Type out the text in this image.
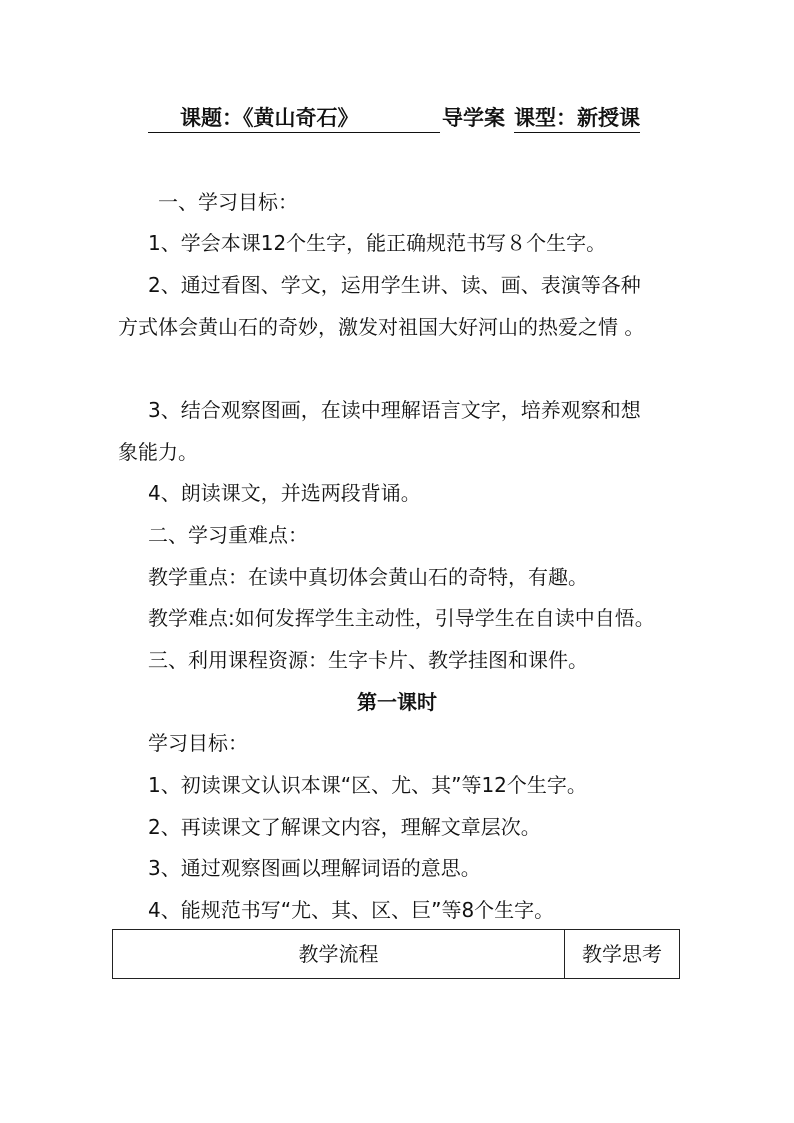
课题：《黄山奇石》	导学案 课型：新授课
一、学习目标：
1、学会本课12个生字，能正确规范书写８个生字。
2、通过看图、学文，运用学生讲、读、画、表演等各种
方式体会黄山石的奇妙，激发对祖国大好河山的热爱之情 。
3、结合观察图画，在读中理解语言文字，培养观察和想
象能力。
4、朗读课文，并选两段背诵。
二、学习重难点：
教学重点：在读中真切体会黄山石的奇特，有趣。
教学难点:如何发挥学生主动性，引导学生在自读中自悟。
三、利用课程资源：生字卡片、教学挂图和课件。
第一课时
学习目标：
1、初读课文认识本课“区、尤、其”等12个生字。
2、再读课文了解课文内容，理解文章层次。
3、通过观察图画以理解词语的意思。
4、能规范书写“尤、其、区、巨”等8个生字。
教学流程	教学思考
